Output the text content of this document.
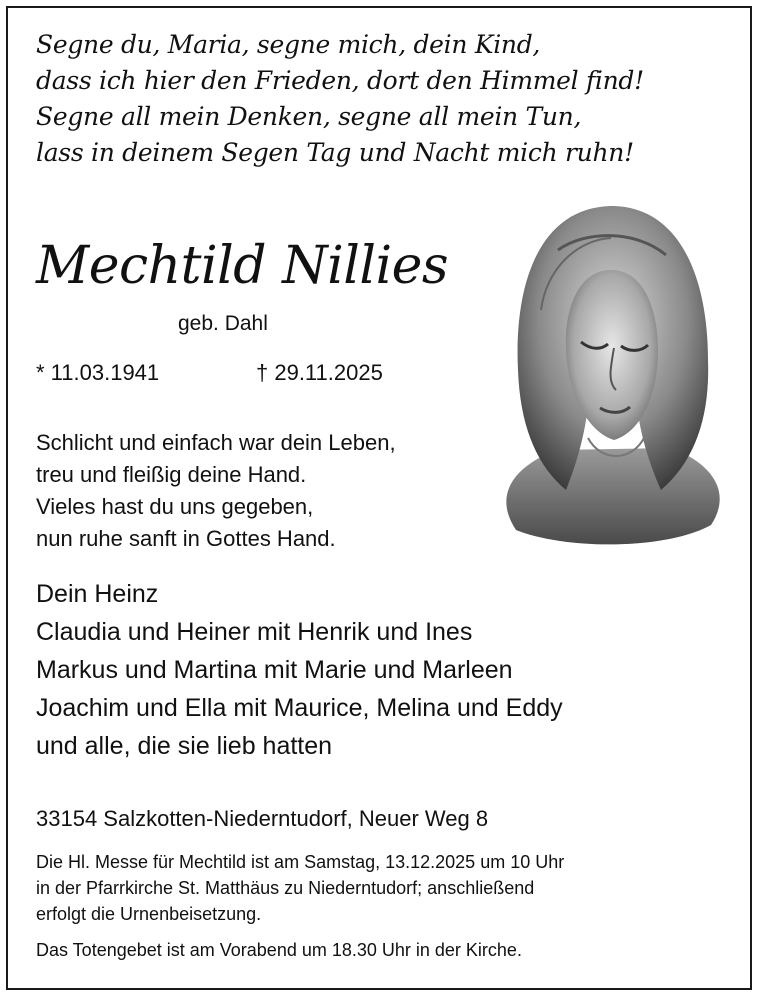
Segne du, Maria, segne mich, dein Kind,
dass ich hier den Frieden, dort den Himmel find!
Segne all mein Denken, segne all mein Tun,
lass in deinem Segen Tag und Nacht mich ruhn!
Mechtild Nillies
geb. Dahl
* 11.03.1941	† 29.11.2025
Schlicht und einfach war dein Leben,
treu und fleißig deine Hand.
Vieles hast du uns gegeben,
nun ruhe sanft in Gottes Hand.
Dein Heinz
Claudia und Heiner mit Henrik und Ines
Markus und Martina mit Marie und Marleen
Joachim und Ella mit Maurice, Melina und Eddy
und alle, die sie lieb hatten
33154 Salzkotten-Niederntudorf, Neuer Weg 8
Die Hl. Messe für Mechtild ist am Samstag, 13.12.2025 um 10 Uhr
in der Pfarrkirche St. Matthäus zu Niederntudorf; anschließend
erfolgt die Urnenbeisetzung.
Das Totengebet ist am Vorabend um 18.30 Uhr in der Kirche.
